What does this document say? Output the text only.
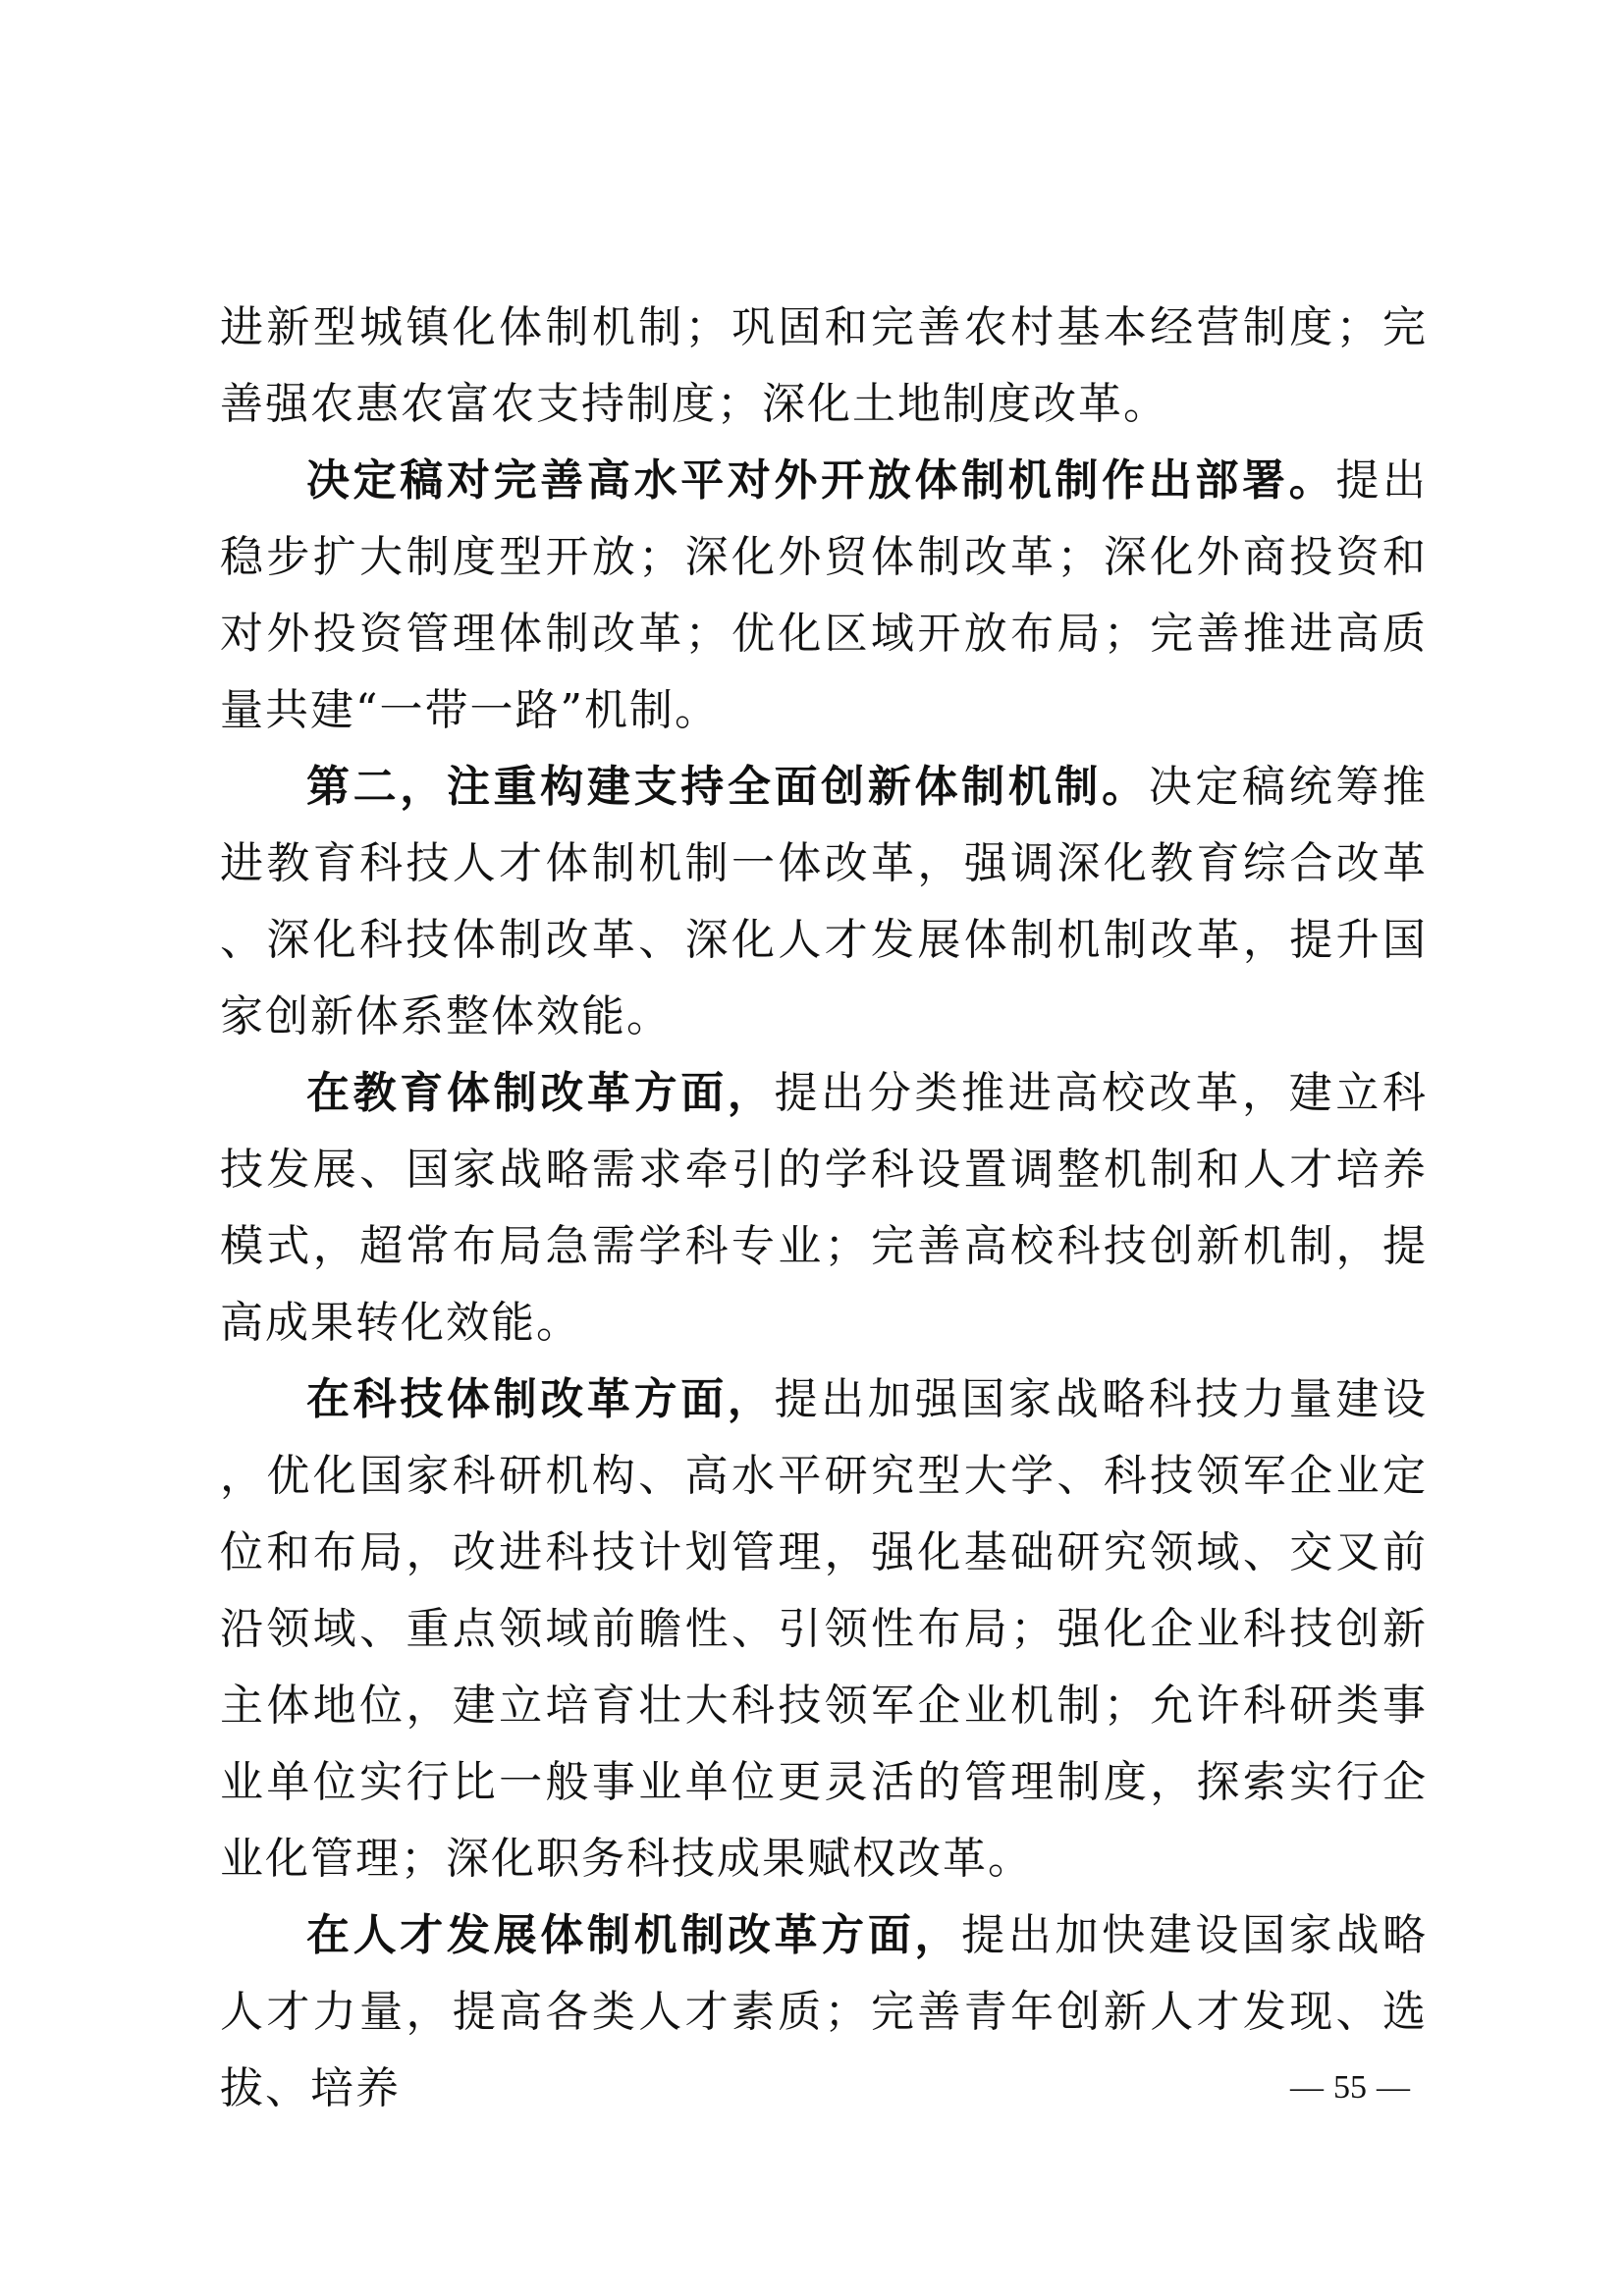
进新型城镇化体制机制；巩固和完善农村基本经营制度；完善强农惠农富农支持制度；深化土地制度改革。

决定稿对完善高水平对外开放体制机制作出部署。提出稳步扩大制度型开放；深化外贸体制改革；深化外商投资和对外投资管理体制改革；优化区域开放布局；完善推进高质量共建“一带一路”机制。

第二，注重构建支持全面创新体制机制。决定稿统筹推进教育科技人才体制机制一体改革，强调深化教育综合改革、深化科技体制改革、深化人才发展体制机制改革，提升国家创新体系整体效能。

在教育体制改革方面，提出分类推进高校改革，建立科技发展、国家战略需求牵引的学科设置调整机制和人才培养模式，超常布局急需学科专业；完善高校科技创新机制，提高成果转化效能。

在科技体制改革方面，提出加强国家战略科技力量建设，优化国家科研机构、高水平研究型大学、科技领军企业定位和布局，改进科技计划管理，强化基础研究领域、交叉前沿领域、重点领域前瞻性、引领性布局；强化企业科技创新主体地位，建立培育壮大科技领军企业机制；允许科研类事业单位实行比一般事业单位更灵活的管理制度，探索实行企业化管理；深化职务科技成果赋权改革。

在人才发展体制机制改革方面，提出加快建设国家战略人才力量，提高各类人才素质；完善青年创新人才发现、选拔、培养	— 55 —
